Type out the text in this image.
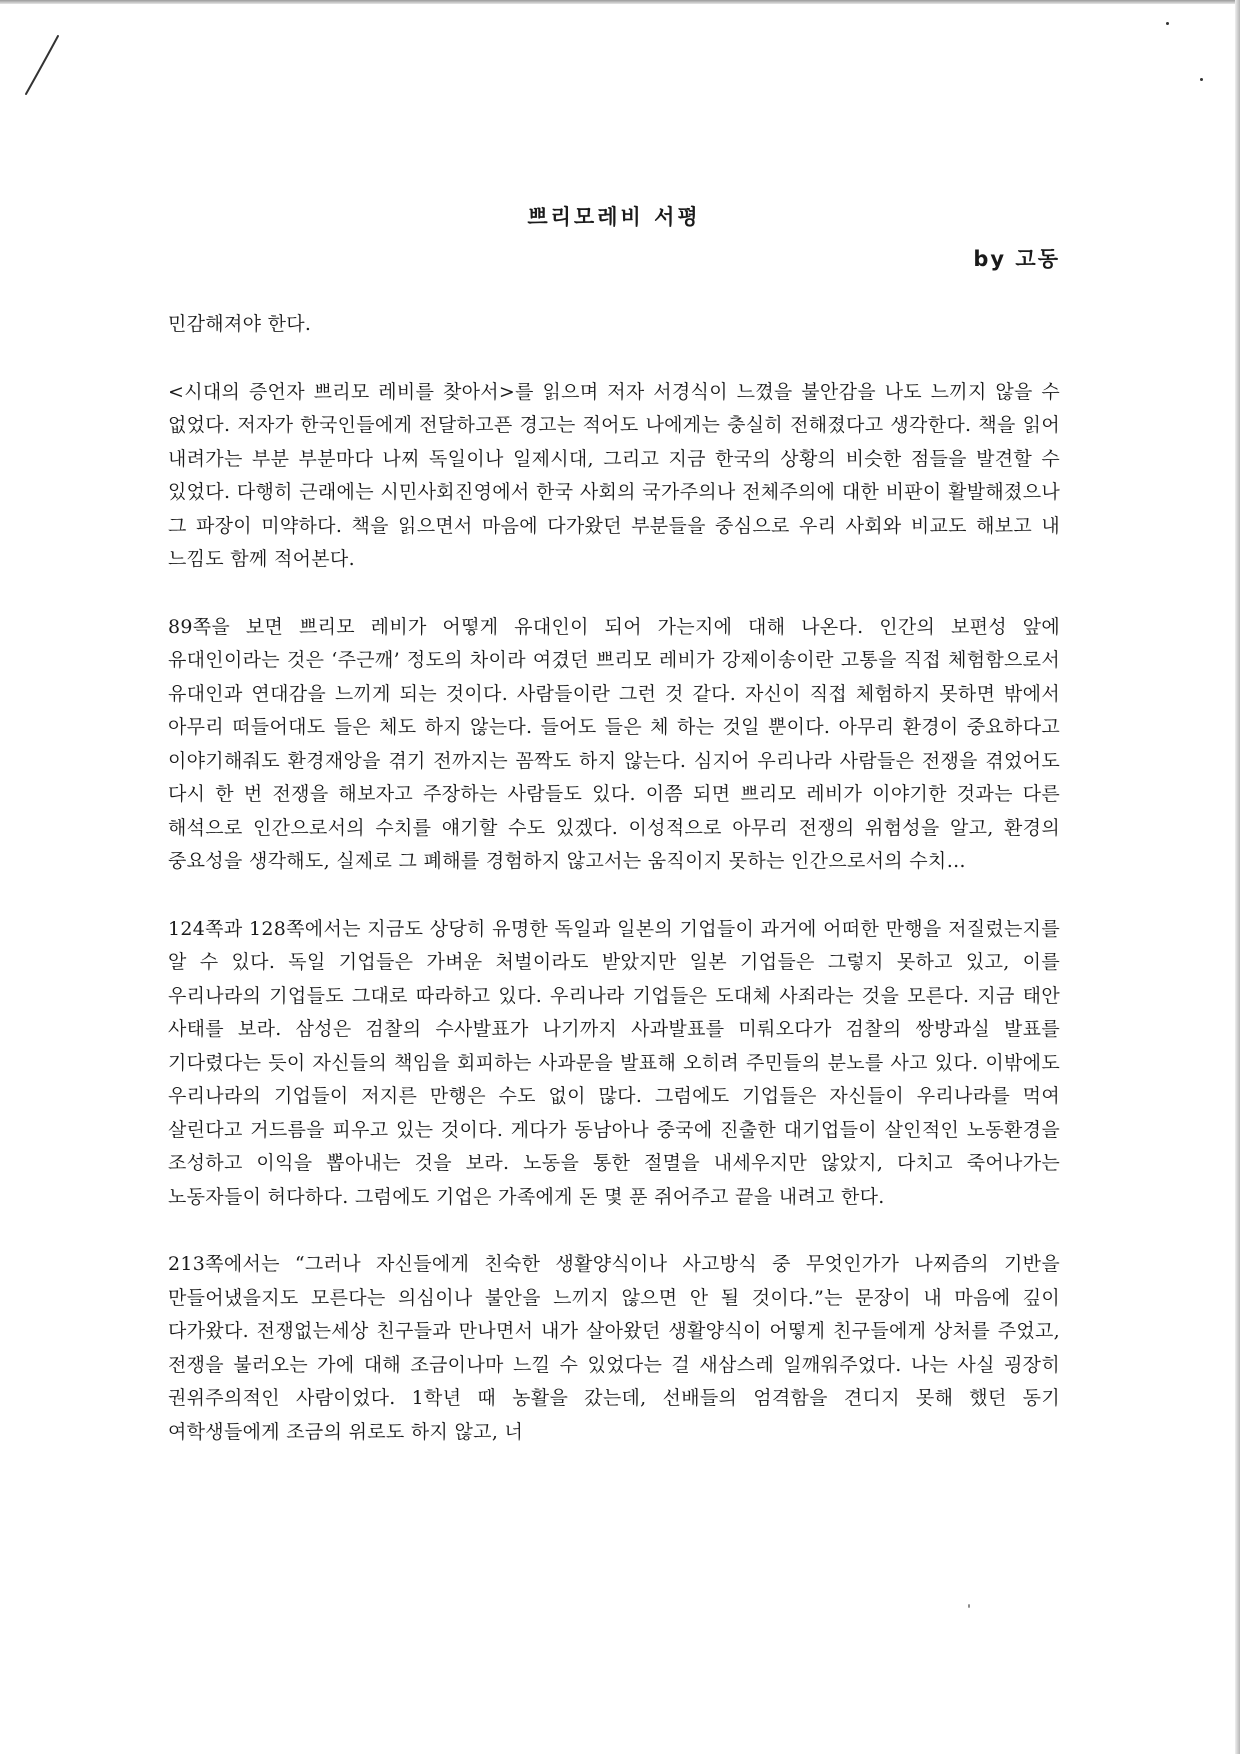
쁘리모레비 서평
by 고동

민감해져야 한다.

<시대의 증언자 쁘리모 레비를 찾아서>를 읽으며 저자 서경식이 느꼈을 불안감을 나도 느끼지 않을 수 없었다. 저자가 한국인들에게 전달하고픈 경고는 적어도 나에게는 충실히 전해졌다고 생각한다. 책을 읽어 내려가는 부분 부분마다 나찌 독일이나 일제시대, 그리고 지금 한국의 상황의 비슷한 점들을 발견할 수 있었다. 다행히 근래에는 시민사회진영에서 한국 사회의 국가주의나 전체주의에 대한 비판이 활발해졌으나 그 파장이 미약하다. 책을 읽으면서 마음에 다가왔던 부분들을 중심으로 우리 사회와 비교도 해보고 내 느낌도 함께 적어본다.

89쪽을 보면 쁘리모 레비가 어떻게 유대인이 되어 가는지에 대해 나온다. 인간의 보편성 앞에 유대인이라는 것은 ‘주근깨’ 정도의 차이라 여겼던 쁘리모 레비가 강제이송이란 고통을 직접 체험함으로서 유대인과 연대감을 느끼게 되는 것이다. 사람들이란 그런 것 같다. 자신이 직접 체험하지 못하면 밖에서 아무리 떠들어대도 들은 체도 하지 않는다. 들어도 들은 체 하는 것일 뿐이다. 아무리 환경이 중요하다고 이야기해줘도 환경재앙을 겪기 전까지는 꼼짝도 하지 않는다. 심지어 우리나라 사람들은 전쟁을 겪었어도 다시 한 번 전쟁을 해보자고 주장하는 사람들도 있다. 이쯤 되면 쁘리모 레비가 이야기한 것과는 다른 해석으로 인간으로서의 수치를 얘기할 수도 있겠다. 이성적으로 아무리 전쟁의 위험성을 알고, 환경의 중요성을 생각해도, 실제로 그 폐해를 경험하지 않고서는 움직이지 못하는 인간으로서의 수치…

124쪽과 128쪽에서는 지금도 상당히 유명한 독일과 일본의 기업들이 과거에 어떠한 만행을 저질렀는지를 알 수 있다. 독일 기업들은 가벼운 처벌이라도 받았지만 일본 기업들은 그렇지 못하고 있고, 이를 우리나라의 기업들도 그대로 따라하고 있다. 우리나라 기업들은 도대체 사죄라는 것을 모른다. 지금 태안 사태를 보라. 삼성은 검찰의 수사발표가 나기까지 사과발표를 미뤄오다가 검찰의 쌍방과실 발표를 기다렸다는 듯이 자신들의 책임을 회피하는 사과문을 발표해 오히려 주민들의 분노를 사고 있다. 이밖에도 우리나라의 기업들이 저지른 만행은 수도 없이 많다. 그럼에도 기업들은 자신들이 우리나라를 먹여 살린다고 거드름을 피우고 있는 것이다. 게다가 동남아나 중국에 진출한 대기업들이 살인적인 노동환경을 조성하고 이익을 뽑아내는 것을 보라. 노동을 통한 절멸을 내세우지만 않았지, 다치고 죽어나가는 노동자들이 허다하다. 그럼에도 기업은 가족에게 돈 몇 푼 쥐어주고 끝을 내려고 한다.

213쪽에서는 “그러나 자신들에게 친숙한 생활양식이나 사고방식 중 무엇인가가 나찌즘의 기반을 만들어냈을지도 모른다는 의심이나 불안을 느끼지 않으면 안 될 것이다.”는 문장이 내 마음에 깊이 다가왔다. 전쟁없는세상 친구들과 만나면서 내가 살아왔던 생활양식이 어떻게 친구들에게 상처를 주었고, 전쟁을 불러오는 가에 대해 조금이나마 느낄 수 있었다는 걸 새삼스레 일깨워주었다. 나는 사실 굉장히 권위주의적인 사람이었다. 1학년 때 농활을 갔는데, 선배들의 엄격함을 견디지 못해 했던 동기 여학생들에게 조금의 위로도 하지 않고, 너
